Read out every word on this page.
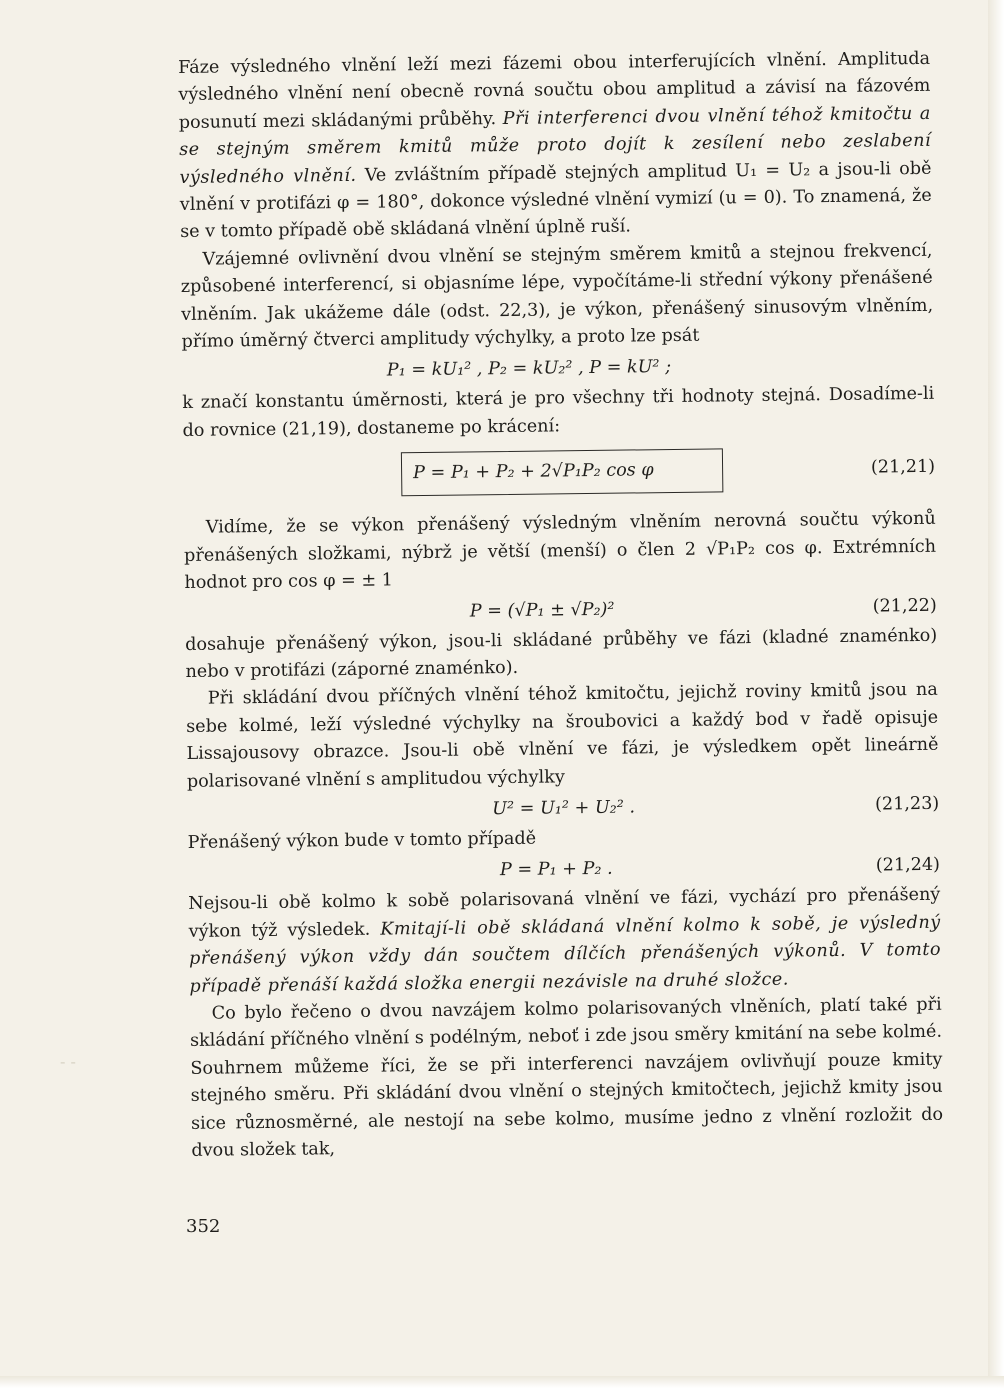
- -

Fáze výsledného vlnění leží mezi fázemi obou interferujících vlnění. Amplituda výsledného vlnění není obecně rovná součtu obou amplitud a závisí na fázovém posunutí mezi skládanými průběhy. Při interferenci dvou vlnění téhož kmitočtu a se stejným směrem kmitů může proto dojít k zesílení nebo zeslabení výsledného vlnění. Ve zvláštním případě stejných amplitud U₁ = U₂ a jsou-li obě vlnění v protifázi φ = 180°, dokonce výsledné vlnění vymizí (u = 0). To znamená, že se v tomto případě obě skládaná vlnění úplně ruší.

Vzájemné ovlivnění dvou vlnění se stejným směrem kmitů a stejnou frekvencí, způsobené interferencí, si objasníme lépe, vypočítáme-li střední výkony přenášené vlněním. Jak ukážeme dále (odst. 22,3), je výkon, přenášený sinusovým vlněním, přímo úměrný čtverci amplitudy výchylky, a proto lze psát

P₁ = kU₁² , P₂ = kU₂² , P = kU² ;

k značí konstantu úměrnosti, která je pro všechny tři hodnoty stejná. Dosadíme-li do rovnice (21,19), dostaneme po krácení:

P = P₁ + P₂ + 2√P₁P₂ cos φ	(21,21)

Vidíme, že se výkon přenášený výsledným vlněním nerovná součtu výkonů přenášených složkami, nýbrž je větší (menší) o člen 2 √P₁P₂ cos φ. Extrémních hodnot pro cos φ = ± 1

P = (√P₁ ± √P₂)²	(21,22)

dosahuje přenášený výkon, jsou-li skládané průběhy ve fázi (kladné znaménko) nebo v protifázi (záporné znaménko).

Při skládání dvou příčných vlnění téhož kmitočtu, jejichž roviny kmitů jsou na sebe kolmé, leží výsledné výchylky na šroubovici a každý bod v řadě opisuje Lissajousovy obrazce. Jsou-li obě vlnění ve fázi, je výsledkem opět lineárně polarisované vlnění s amplitudou výchylky

U² = U₁² + U₂² .	(21,23)

Přenášený výkon bude v tomto případě

P = P₁ + P₂ .	(21,24)

Nejsou-li obě kolmo k sobě polarisovaná vlnění ve fázi, vychází pro přenášený výkon týž výsledek. Kmitají-li obě skládaná vlnění kolmo k sobě, je výsledný přenášený výkon vždy dán součtem dílčích přenášených výkonů. V tomto případě přenáší každá složka energii nezávisle na druhé složce.

Co bylo řečeno o dvou navzájem kolmo polarisovaných vlněních, platí také při skládání příčného vlnění s podélným, neboť i zde jsou směry kmitání na sebe kolmé. Souhrnem můžeme říci, že se při interferenci navzájem ovlivňují pouze kmity stejného směru. Při skládání dvou vlnění o stejných kmitočtech, jejichž kmity jsou sice různosměrné, ale nestojí na sebe kolmo, musíme jedno z vlnění rozložit do dvou složek tak,

352
